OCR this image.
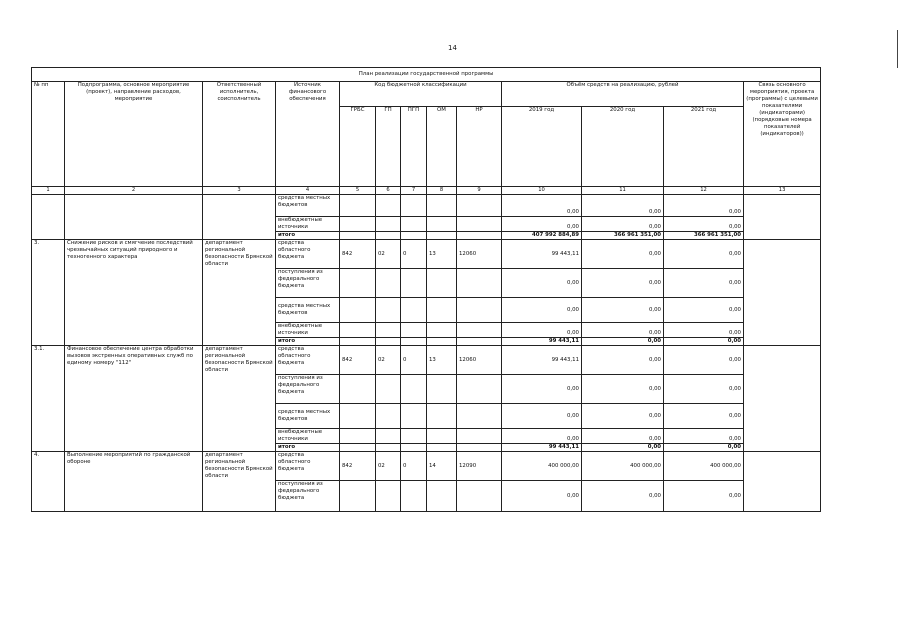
14
План реализации государственной программы												
№ пп	Подпрограмма, основное мероприятие (проект), направление расходов, мероприятие	Ответственный исполнитель, соисполнитель	Источник финансового обеспечения	Код бюджетной классификации					Объём средств на реализацию, рублей			Связь основного мероприятия, проекта (программы) с целевыми показателями (индикаторами) (порядковые номера показателей (индикаторов))
				ГРБС	ГП	ПГП	ОМ	НР	2019 год	2020 год	2021 год	
1	2	3	4	5	6	7	8	9	10	11	12	13
			средства местных бюджетов						0,00	0,00	0,00	
			внебюджетные источники						0,00	0,00	0,00	
			итого						407 992 884,89	366 961 351,00	366 961 351,00	
3.	Снижение рисков и смягчение последствий чрезвычайных ситуаций природного и техногенного характера	департамент региональной безопасности Брянской области	средства областного бюджета	842	02	0	13	12060	99 443,11	0,00	0,00	
			поступления из федерального бюджета						0,00	0,00	0,00	
			средства местных бюджетов						0,00	0,00	0,00	
			внебюджетные источники						0,00	0,00	0,00	
			итого						99 443,11	0,00	0,00	
3.1.	Финансовое обеспечение центра обработки вызовов экстренных оперативных служб по единому номеру "112"	департамент региональной безопасности Брянской области	средства областного бюджета	842	02	0	13	12060	99 443,11	0,00	0,00	
			поступления из федерального бюджета						0,00	0,00	0,00	
			средства местных бюджетов						0,00	0,00	0,00	
			внебюджетные источники						0,00	0,00	0,00	
			итого						99 443,11	0,00	0,00	
4.	Выполнение мероприятий по гражданской обороне	департамент региональной безопасности Брянской области	средства областного бюджета	842	02	0	14	12090	400 000,00	400 000,00	400 000,00	
			поступления из федерального бюджета						0,00	0,00	0,00	
